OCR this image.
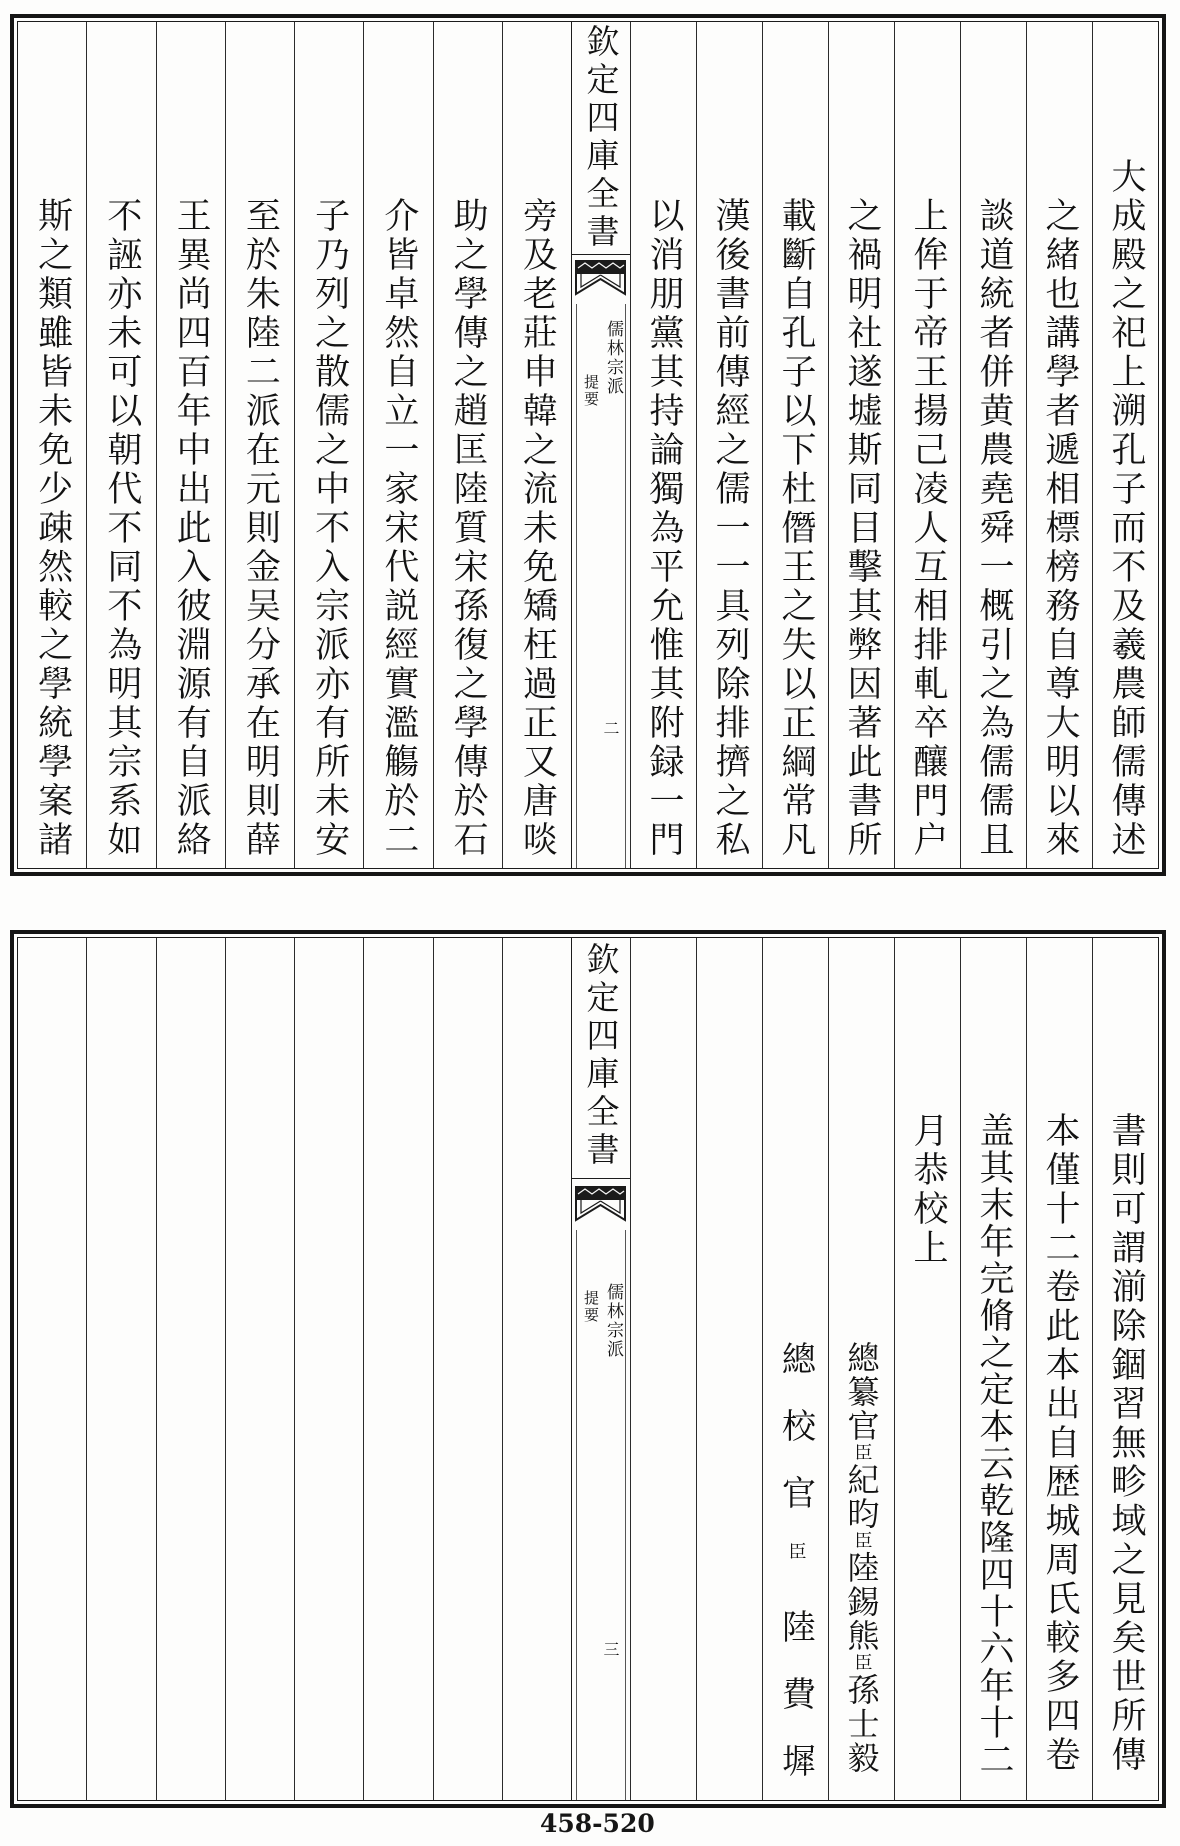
大成殿之祀上溯孔子而不及羲農師儒傳述
之緒也講學者遞相標榜務自尊大明以來
談道統者併黄農堯舜一概引之為儒儒且
上侔于帝王揚己凌人互相排軋卒釀門户
之禍明社遂墟斯同目擊其弊因著此書所
載斷自孔子以下杜僭王之失以正綱常凡
漢後書前傳經之儒一一具列除排擠之私
以消朋黨其持論獨為平允惟其附録一門
欽定四庫全書
儒林宗派
提要
二
旁及老莊申韓之流未免矯枉過正又唐啖
助之學傳之趙匡陸質宋孫復之學傳於石
介皆卓然自立一家宋代説經實濫觴於二
子乃列之散儒之中不入宗派亦有所未安
至於朱陸二派在元則金吴分承在明則薛
王異尚四百年中出此入彼淵源有自派絡
不誣亦未可以朝代不同不為明其宗系如
斯之類雖皆未免少疎然較之學統學案諸
書則可謂湔除錮習無畛域之見矣世所傳
本僅十二卷此本出自歴城周氏較多四卷
盖其末年完脩之定本云乾隆四十六年十二
月恭校上
總纂官臣紀昀臣陸錫熊臣孫士毅
總校官臣陸費墀
欽定四庫全書
儒林宗派
提要
三
458-520
